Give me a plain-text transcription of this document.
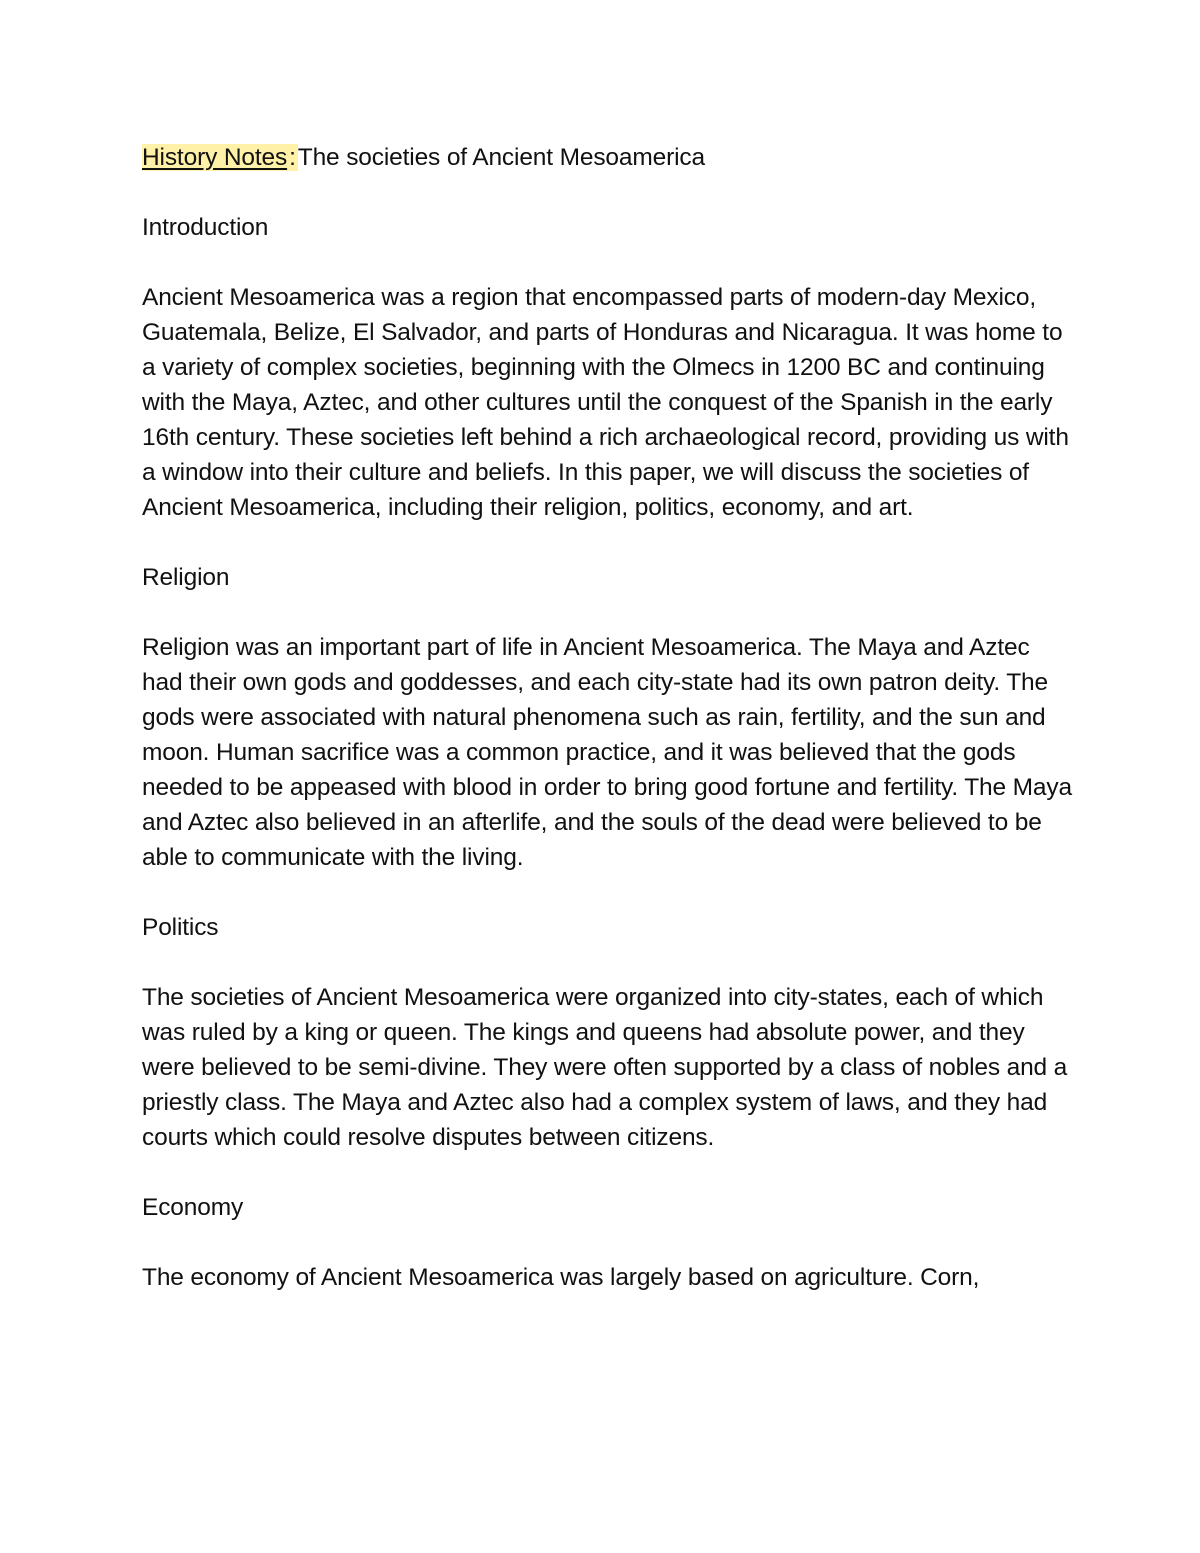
History Notes:The societies of Ancient Mesoamerica

Introduction

Ancient Mesoamerica was a region that encompassed parts of modern-day Mexico, Guatemala, Belize, El Salvador, and parts of Honduras and Nicaragua. It was home to a variety of complex societies, beginning with the Olmecs in 1200 BC and continuing with the Maya, Aztec, and other cultures until the conquest of the Spanish in the early 16th century. These societies left behind a rich archaeological record, providing us with a window into their culture and beliefs. In this paper, we will discuss the societies of Ancient Mesoamerica, including their religion, politics, economy, and art.

Religion

Religion was an important part of life in Ancient Mesoamerica. The Maya and Aztec had their own gods and goddesses, and each city-state had its own patron deity. The gods were associated with natural phenomena such as rain, fertility, and the sun and moon. Human sacrifice was a common practice, and it was believed that the gods needed to be appeased with blood in order to bring good fortune and fertility. The Maya and Aztec also believed in an afterlife, and the souls of the dead were believed to be able to communicate with the living.

Politics

The societies of Ancient Mesoamerica were organized into city-states, each of which was ruled by a king or queen. The kings and queens had absolute power, and they were believed to be semi-divine. They were often supported by a class of nobles and a priestly class. The Maya and Aztec also had a complex system of laws, and they had courts which could resolve disputes between citizens.

Economy

The economy of Ancient Mesoamerica was largely based on agriculture. Corn,
